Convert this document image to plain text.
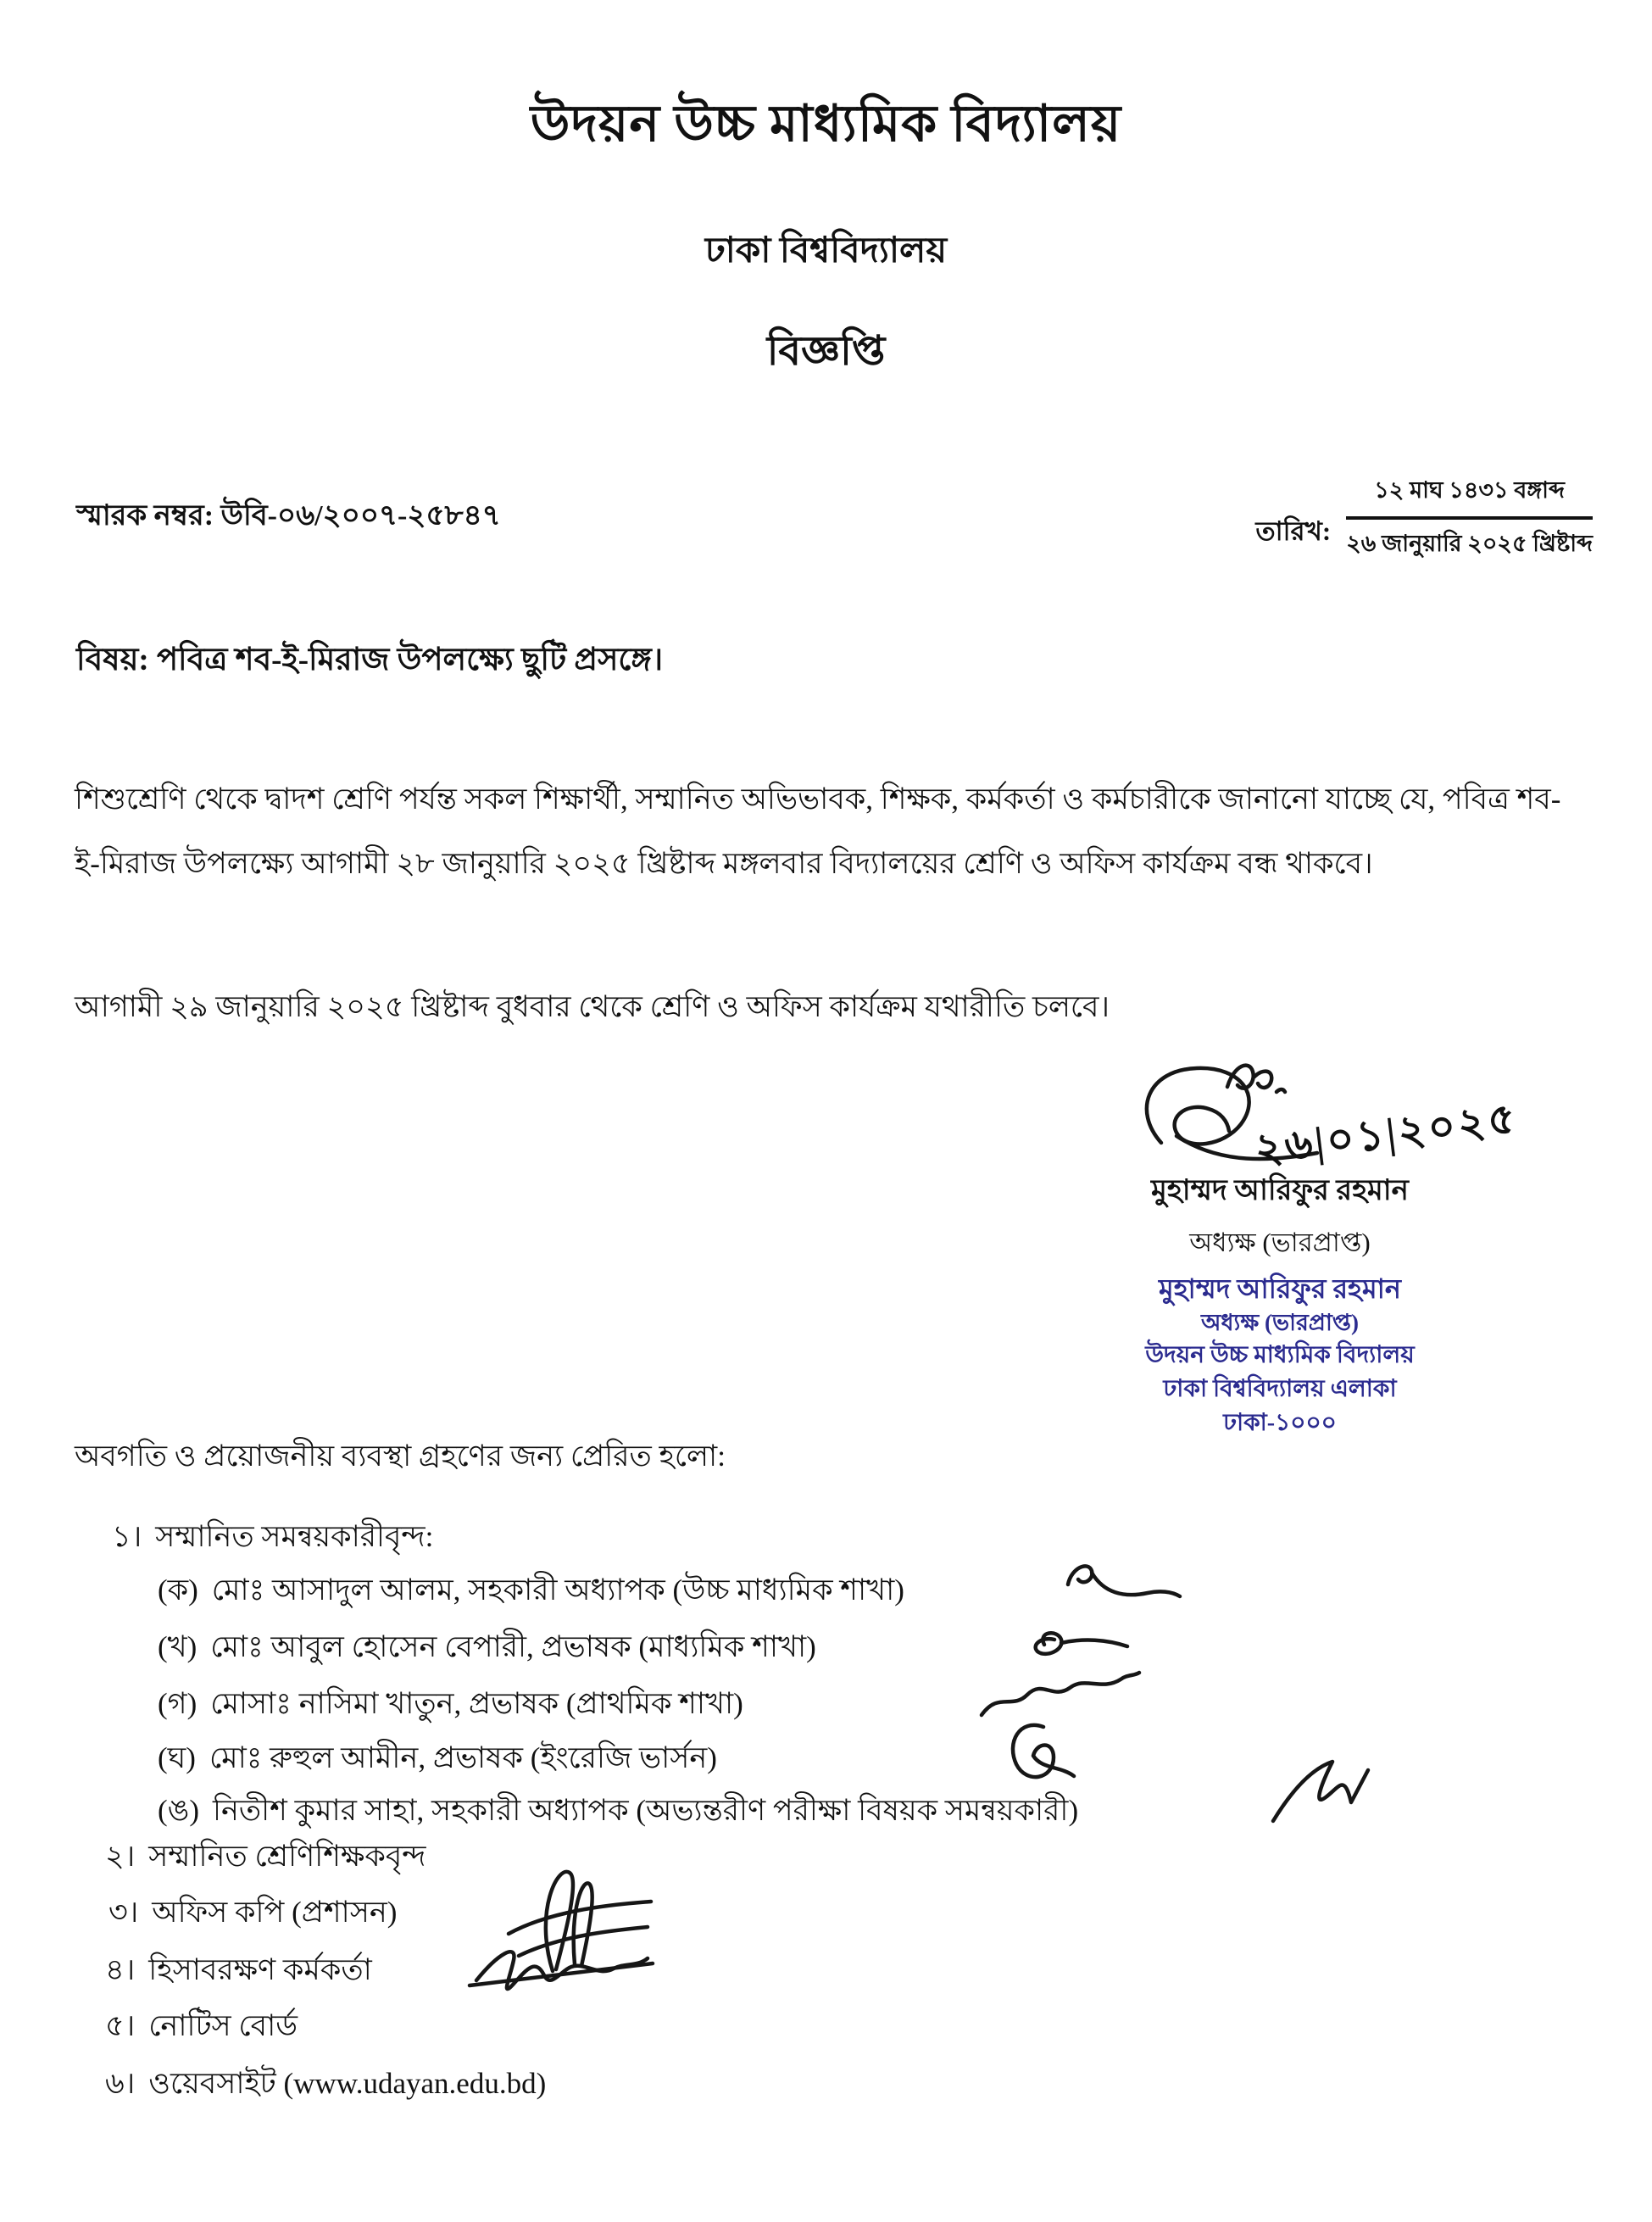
উদয়ন উচ্চ মাধ্যমিক বিদ্যালয়
ঢাকা বিশ্ববিদ্যালয়
বিজ্ঞপ্তি
স্মারক নম্বর: উবি-০৬/২০০৭-২৫৮৪৭	তারিখ: $\frac{\text{১২ মাঘ ১৪৩১ বঙ্গাব্দ}}{\text{২৬ জানুয়ারি ২০২৫ খ্রিষ্টাব্দ}}$
বিষয়: পবিত্র শব-ই-মিরাজ উপলক্ষ্যে ছুটি প্রসঙ্গে।
শিশুশ্রেণি থেকে দ্বাদশ শ্রেণি পর্যন্ত সকল শিক্ষার্থী, সম্মানিত অভিভাবক, শিক্ষক, কর্মকর্তা ও কর্মচারীকে জানানো যাচ্ছে যে, পবিত্র শব-ই-মিরাজ উপলক্ষ্যে আগামী ২৮ জানুয়ারি ২০২৫ খ্রিষ্টাব্দ মঙ্গলবার বিদ্যালয়ের শ্রেণি ও অফিস কার্যক্রম বন্ধ থাকবে।
আগামী ২৯ জানুয়ারি ২০২৫ খ্রিষ্টাব্দ বুধবার থেকে শ্রেণি ও অফিস কার্যক্রম যথারীতি চলবে।
২৬|০১|২০২৫
মুহাম্মদ আরিফুর রহমান
অধ্যক্ষ (ভারপ্রাপ্ত)
মুহাম্মদ আরিফুর রহমান
অধ্যক্ষ (ভারপ্রাপ্ত)
উদয়ন উচ্চ মাধ্যমিক বিদ্যালয়
ঢাকা বিশ্ববিদ্যালয় এলাকা
ঢাকা-১০০০
অবগতি ও প্রয়োজনীয় ব্যবস্থা গ্রহণের জন্য প্রেরিত হলো:
১। সম্মানিত সমন্বয়কারীবৃন্দ:
(ক) মোঃ আসাদুল আলম, সহকারী অধ্যাপক (উচ্চ মাধ্যমিক শাখা)
(খ) মোঃ আবুল হোসেন বেপারী, প্রভাষক (মাধ্যমিক শাখা)
(গ) মোসাঃ নাসিমা খাতুন, প্রভাষক (প্রাথমিক শাখা)
(ঘ) মোঃ রুহুল আমীন, প্রভাষক (ইংরেজি ভার্সন)
(ঙ) নিতীশ কুমার সাহা, সহকারী অধ্যাপক (অভ্যন্তরীণ পরীক্ষা বিষয়ক সমন্বয়কারী)
২। সম্মানিত শ্রেণিশিক্ষকবৃন্দ
৩। অফিস কপি (প্রশাসন)
৪। হিসাবরক্ষণ কর্মকর্তা
৫। নোটিস বোর্ড
৬। ওয়েবসাইট (www.udayan.edu.bd)
